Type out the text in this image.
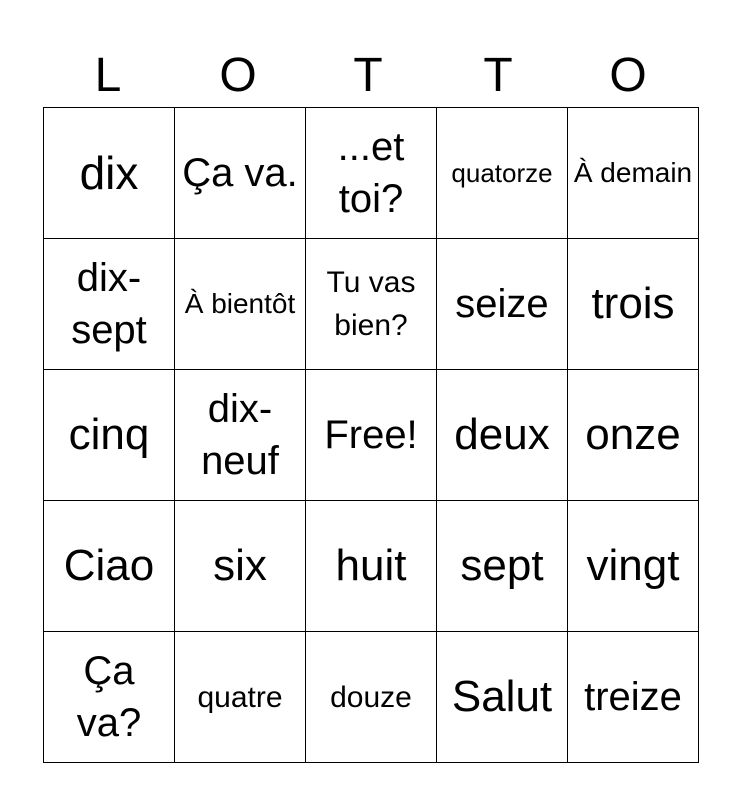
L	O	T	T	O
dix	Ça va.	...et toi?	quatorze	À demain
dix-sept	À bientôt	Tu vas bien?	seize	trois
cinq	dix-neuf	Free!	deux	onze
Ciao	six	huit	sept	vingt
Ça va?	quatre	douze	Salut	treize
